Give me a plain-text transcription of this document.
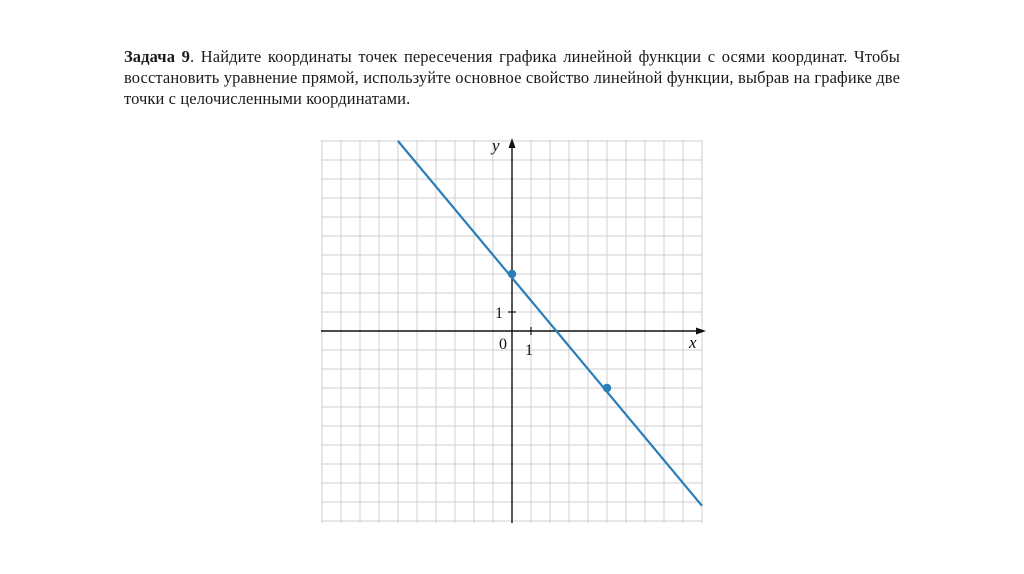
Задача 9. Найдите координаты точек пересечения графика линейной функции с осями координат. Чтобы восстановить уравнение прямой, используйте основное свойство линейной функции, выбрав на графике две точки с целочисленными координатами.
y
x
0 1
1
